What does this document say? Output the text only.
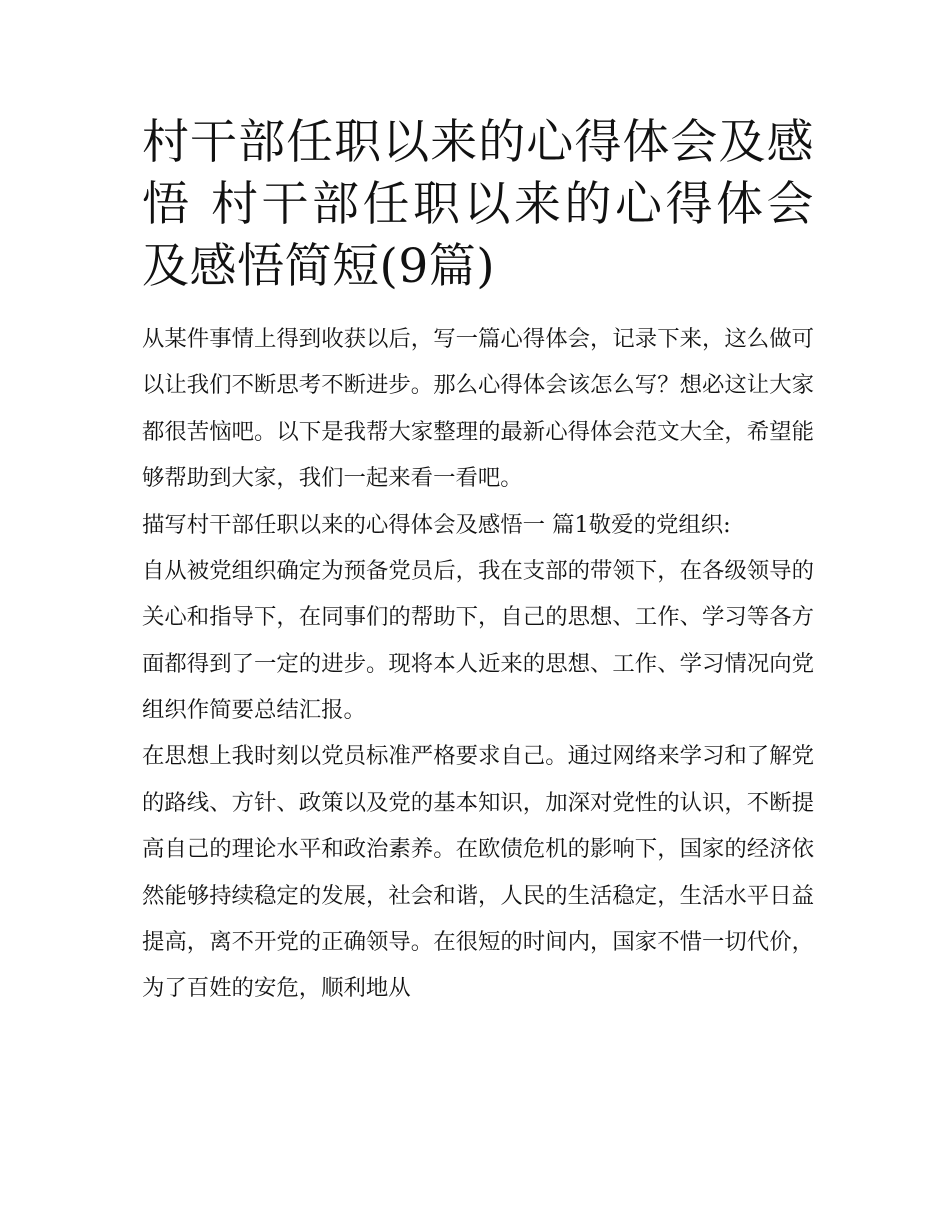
村干部任职以来的心得体会及感悟 村干部任职以来的心得体会及感悟简短(9篇)

从某件事情上得到收获以后，写一篇心得体会，记录下来，这么做可以让我们不断思考不断进步。那么心得体会该怎么写？想必这让大家都很苦恼吧。以下是我帮大家整理的最新心得体会范文大全，希望能够帮助到大家，我们一起来看一看吧。

描写村干部任职以来的心得体会及感悟一 篇1敬爱的党组织:

自从被党组织确定为预备党员后，我在支部的带领下，在各级领导的关心和指导下，在同事们的帮助下，自己的思想、工作、学习等各方面都得到了一定的进步。现将本人近来的思想、工作、学习情况向党组织作简要总结汇报。

在思想上我时刻以党员标准严格要求自己。通过网络来学习和了解党的路线、方针、政策以及党的基本知识，加深对党性的认识，不断提高自己的理论水平和政治素养。在欧债危机的影响下，国家的经济依然能够持续稳定的发展，社会和谐，人民的生活稳定，生活水平日益提高，离不开党的正确领导。在很短的时间内，国家不惜一切代价，为了百姓的安危，顺利地从
